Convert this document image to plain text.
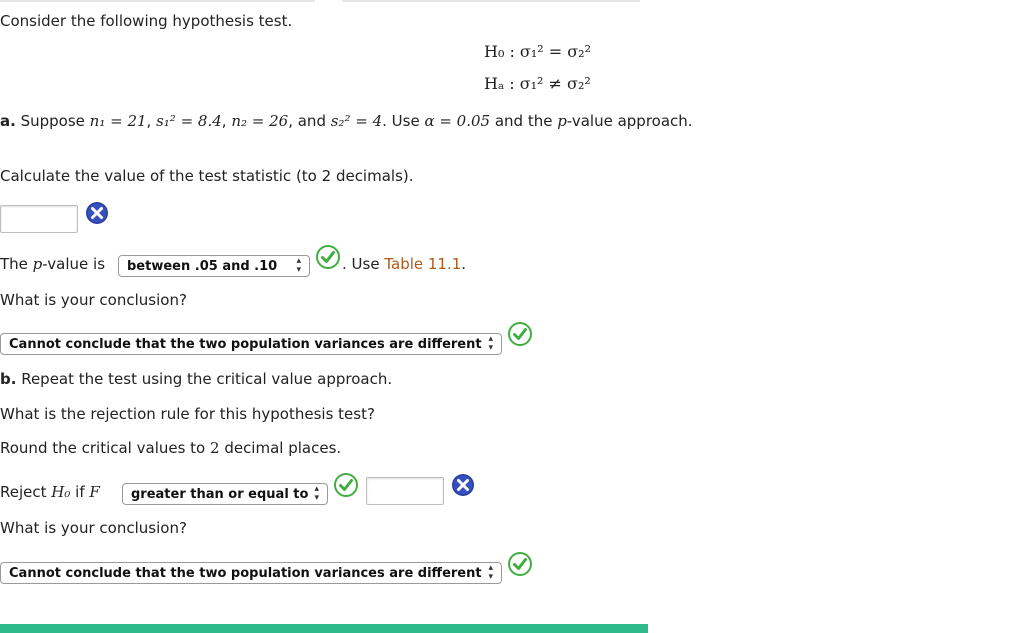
Consider the following hypothesis test.
H₀ : σ₁² = σ₂²
Hₐ : σ₁² ≠ σ₂²
a. Suppose n₁ = 21, s₁² = 8.4, n₂ = 26, and s₂² = 4. Use α = 0.05 and the p-value approach.
Calculate the value of the test statistic (to 2 decimals).
The p-value is between .05 and .10	▴
▾	. Use Table 11.1.
What is your conclusion?
Cannot conclude that the two population variances are different ▴
▾
b. Repeat the test using the critical value approach.
What is the rejection rule for this hypothesis test?
Round the critical values to 2 decimal places.
Reject H₀ if F greater than or equal to ▴
▾
What is your conclusion?
Cannot conclude that the two population variances are different ▴
▾
